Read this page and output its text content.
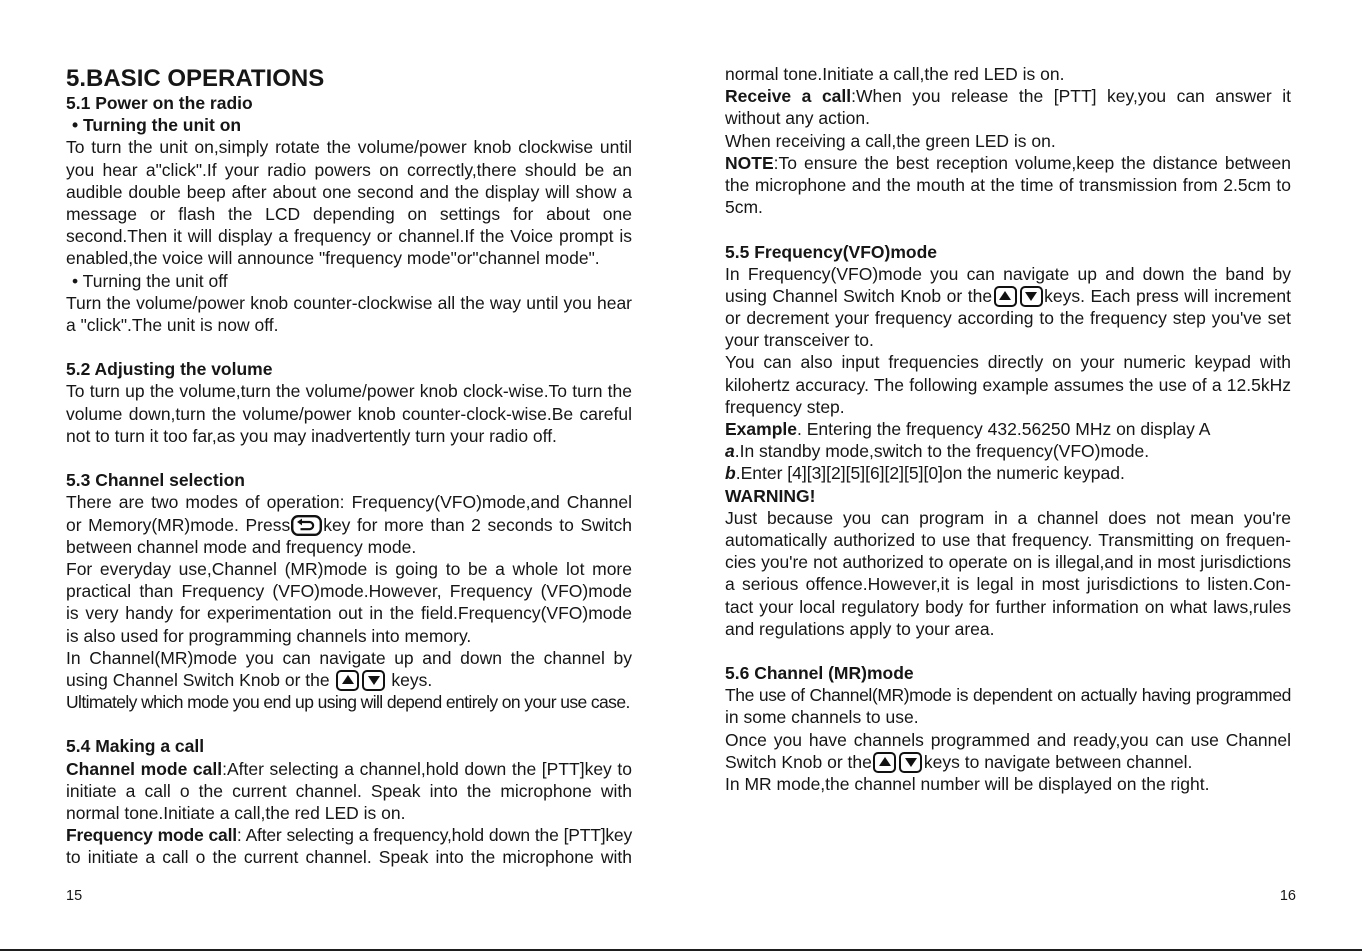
5.BASIC OPERATIONS
5.1 Power on the radio
• Turning the unit on
To turn the unit on,simply rotate the volume/power knob clockwise until
you hear a"click".If your radio powers on correctly,there should be an
audible double beep after about one second and the display will show a
message or flash the LCD depending on settings for about one
second.Then it will display a frequency or channel.If the Voice prompt is
enabled,the voice will announce "frequency mode"or"channel mode".
• Turning the unit off
Turn the volume/power knob counter-clockwise all the way until you hear
a "click".The unit is now off.
5.2 Adjusting the volume
To turn up the volume,turn the volume/power knob clock-wise.To turn the
volume down,turn the volume/power knob counter-clock-wise.Be careful
not to turn it too far,as you may inadvertently turn your radio off.
5.3 Channel selection
There are two modes of operation: Frequency(VFO)mode,and Channel
or Memory(MR)mode. Press key for more than 2 seconds to Switch
between channel mode and frequency mode.
For everyday use,Channel (MR)mode is going to be a whole lot more
practical than Frequency (VFO)mode.However, Frequency (VFO)mode
is very handy for experimentation out in the field.Frequency(VFO)mode
is also used for programming channels into memory.
In Channel(MR)mode you can navigate up and down the channel by
using Channel Switch Knob or the	keys.
Ultimately which mode you end up using will depend entirely on your use case.
5.4 Making a call
Channel mode call:After selecting a channel,hold down the [PTT]key to
initiate a call o the current channel. Speak into the microphone with
normal tone.Initiate a call,the red LED is on.
Frequency mode call: After selecting a frequency,hold down the [PTT]key
to initiate a call o the current channel. Speak into the microphone with
15
normal tone.Initiate a call,the red LED is on.
Receive a call:When you release the [PTT] key,you can answer it
without any action.
When receiving a call,the green LED is on.
NOTE:To ensure the best reception volume,keep the distance between
the microphone and the mouth at the time of transmission from 2.5cm to
5cm.
5.5 Frequency(VFO)mode
In Frequency(VFO)mode you can navigate up and down the band by
using Channel Switch Knob or the	keys. Each press will increment
or decrement your frequency according to the frequency step you've set
your transceiver to.
You can also input frequencies directly on your numeric keypad with
kilohertz accuracy. The following example assumes the use of a 12.5kHz
frequency step.
Example. Entering the frequency 432.56250 MHz on display A
a.In standby mode,switch to the frequency(VFO)mode.
b.Enter [4][3][2][5][6][2][5][0]on the numeric keypad.
WARNING!
Just because you can program in a channel does not mean you're
automatically authorized to use that frequency. Transmitting on frequen-
cies you're not authorized to operate on is illegal,and in most jurisdictions
a serious offence.However,it is legal in most jurisdictions to listen.Con-
tact your local regulatory body for further information on what laws,rules
and regulations apply to your area.
5.6 Channel (MR)mode
The use of Channel(MR)mode is dependent on actually having programmed
in some channels to use.
Once you have channels programmed and ready,you can use Channel
Switch Knob or the	keys to navigate between channel.
In MR mode,the channel number will be displayed on the right.
16
